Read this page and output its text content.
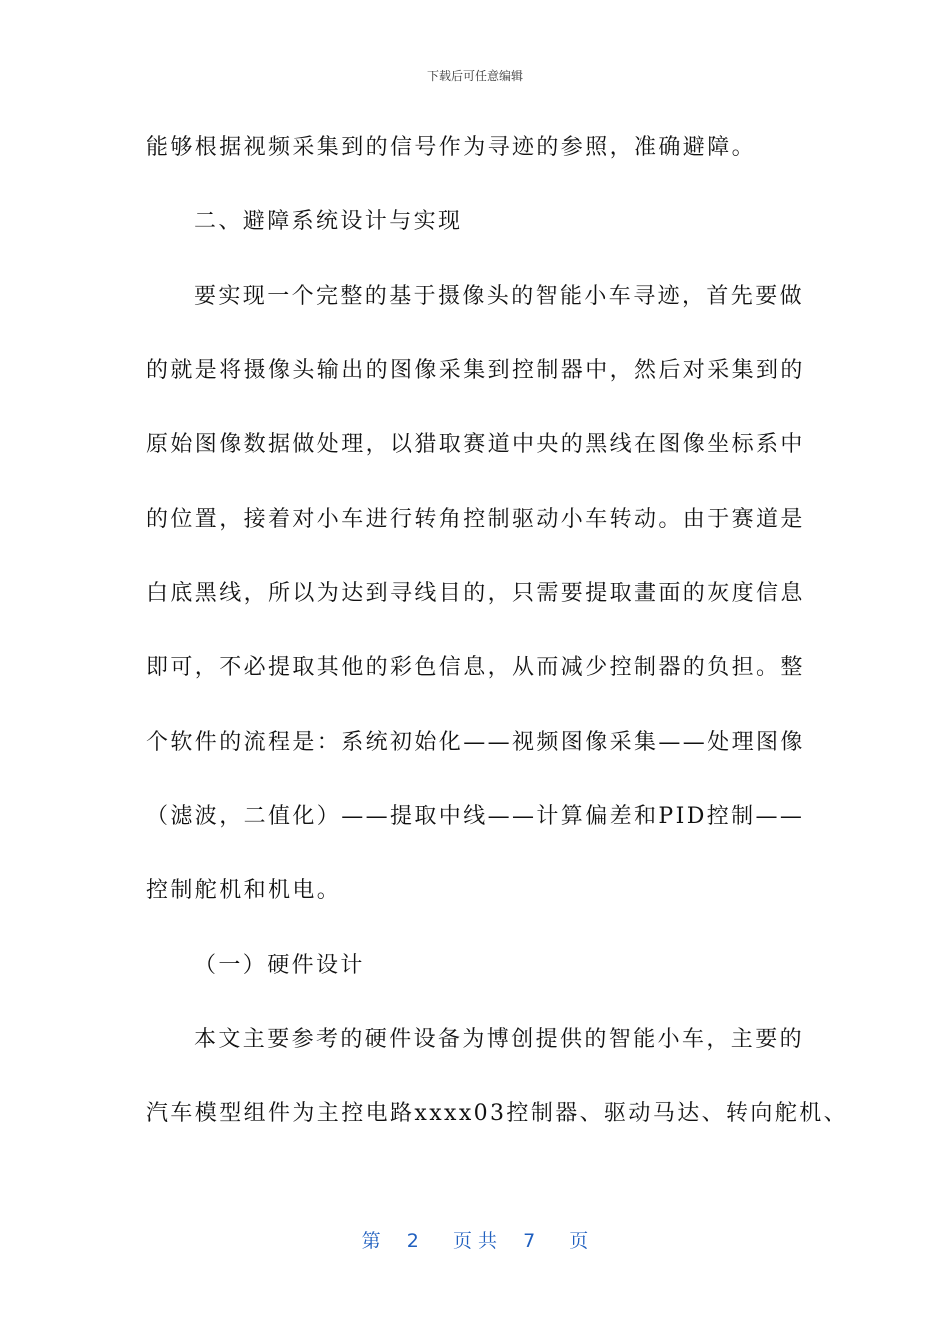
下载后可任意编辑
能够根据视频采集到的信号作为寻迹的参照，准确避障。
二、避障系统设计与实现
要实现一个完整的基于摄像头的智能小车寻迹，首先要做
的就是将摄像头输出的图像采集到控制器中，然后对采集到的
原始图像数据做处理，以猎取赛道中央的黑线在图像坐标系中
的位置，接着对小车进行转角控制驱动小车转动。由于赛道是
白底黑线，所以为达到寻线目的，只需要提取畫面的灰度信息
即可，不必提取其他的彩色信息，从而减少控制器的负担。整
个软件的流程是：系统初始化——视频图像采集——处理图像
（滤波，二值化）——提取中线——计算偏差和PID控制——
控制舵机和机电。
（一）硬件设计
本文主要参考的硬件设备为博创提供的智能小车，主要的
汽车模型组件为主控电路xxxx03控制器、驱动马达、转向舵机、
第 2 页 共 7 页
